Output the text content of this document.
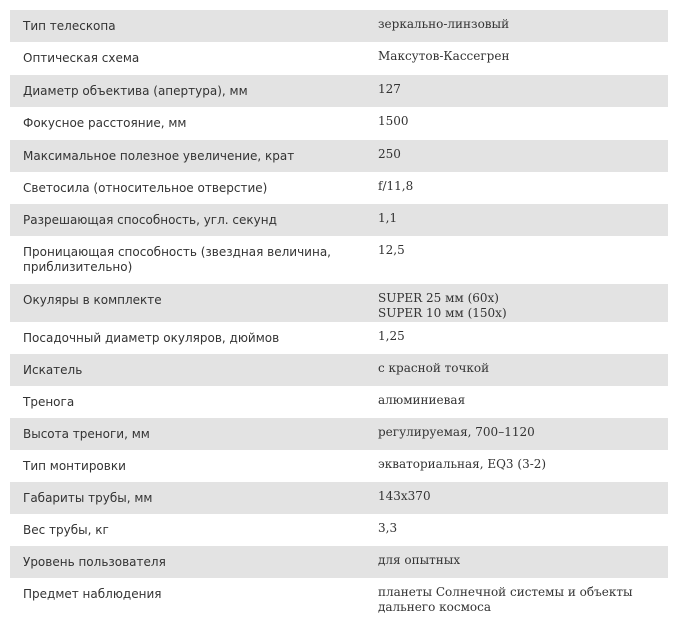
Тип телескопа	зеркально-линзовый
Оптическая схема	Максутов-Кассегрен
Диаметр объектива (апертура), мм	127
Фокусное расстояние, мм	1500
Максимальное полезное увеличение, крат	250
Светосила (относительное отверстие)	f/11,8
Разрешающая способность, угл. секунд	1,1
Проницающая способность (звездная величина, приблизительно)	12,5
Окуляры в комплекте	SUPER 25 мм (60х)
SUPER 10 мм (150х)

Посадочный диаметр окуляров, дюймов	1,25
Искатель	с красной точкой
Тренога	алюминиевая
Высота треноги, мм	регулируемая, 700–1120
Тип монтировки	экваториальная, EQ3 (3-2)
Габариты трубы, мм	143х370
Вес трубы, кг	3,3
Уровень пользователя	для опытных
Предмет наблюдения	планеты Солнечной системы и объекты дальнего космоса
